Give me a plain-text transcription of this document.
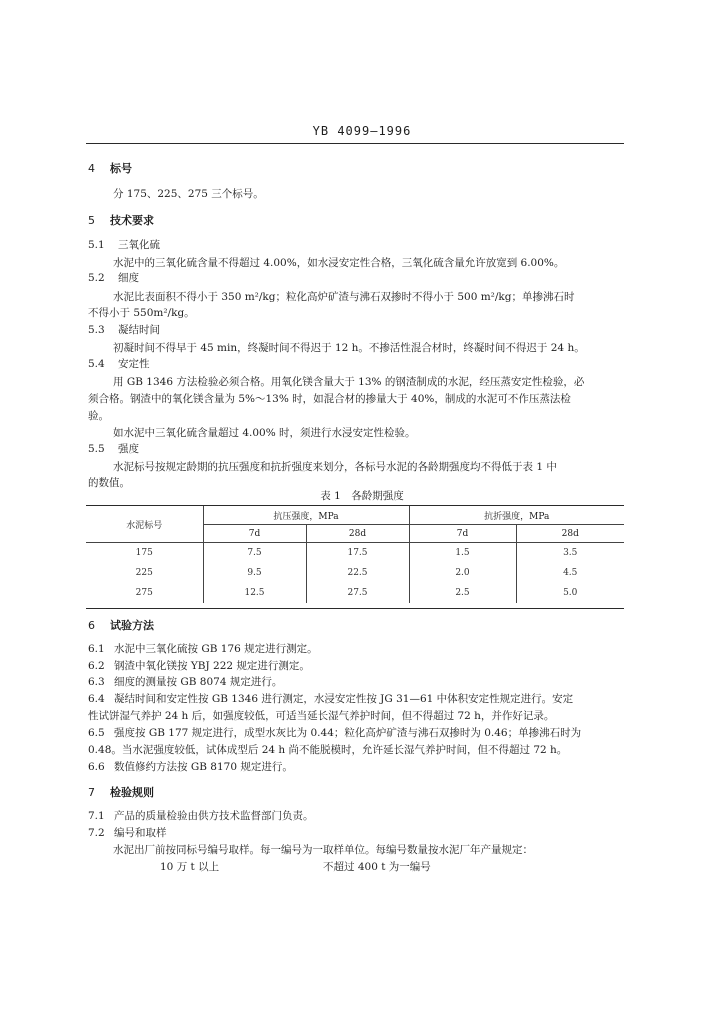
YB 4099—1996
4 标号
分 175、225、275 三个标号。
5 技术要求
5.1 三氧化硫
水泥中的三氧化硫含量不得超过 4.00%，如水浸安定性合格，三氧化硫含量允许放宽到 6.00%。
5.2 细度
水泥比表面积不得小于 350 m²/kg；粒化高炉矿渣与沸石双掺时不得小于 500 m²/kg；单掺沸石时
不得小于 550m²/kg。
5.3 凝结时间
初凝时间不得早于 45 min，终凝时间不得迟于 12 h。不掺活性混合材时，终凝时间不得迟于 24 h。
5.4 安定性
用 GB 1346 方法检验必须合格。用氧化镁含量大于 13% 的钢渣制成的水泥，经压蒸安定性检验，必
须合格。钢渣中的氧化镁含量为 5%～13% 时，如混合材的掺量大于 40%，制成的水泥可不作压蒸法检
验。
如水泥中三氧化硫含量超过 4.00% 时，须进行水浸安定性检验。
5.5 强度
水泥标号按规定龄期的抗压强度和抗折强度来划分，各标号水泥的各龄期强度均不得低于表 1 中
的数值。
表 1　各龄期强度
水泥标号	抗压强度，MPa		抗折强度，MPa	
	7d	28d	7d	28d
175	7.5	17.5	1.5	3.5
225	9.5	22.5	2.0	4.5
275	12.5	27.5	2.5	5.0
6 试验方法
6.1 水泥中三氧化硫按 GB 176 规定进行测定。
6.2 钢渣中氧化镁按 YBJ 222 规定进行测定。
6.3 细度的测量按 GB 8074 规定进行。
6.4 凝结时间和安定性按 GB 1346 进行测定，水浸安定性按 JG 31—61 中体积安定性规定进行。安定
性试饼湿气养护 24 h 后，如强度较低，可适当延长湿气养护时间，但不得超过 72 h，并作好记录。
6.5 强度按 GB 177 规定进行，成型水灰比为 0.44；粒化高炉矿渣与沸石双掺时为 0.46；单掺沸石时为
0.48。当水泥强度较低，试体成型后 24 h 尚不能脱模时，允许延长湿气养护时间，但不得超过 72 h。
6.6 数值修约方法按 GB 8170 规定进行。
7 检验规则
7.1 产品的质量检验由供方技术监督部门负责。
7.2 编号和取样
水泥出厂前按同标号编号取样。每一编号为一取样单位。每编号数量按水泥厂年产量规定：
10 万 t 以上	不超过 400 t 为一编号
